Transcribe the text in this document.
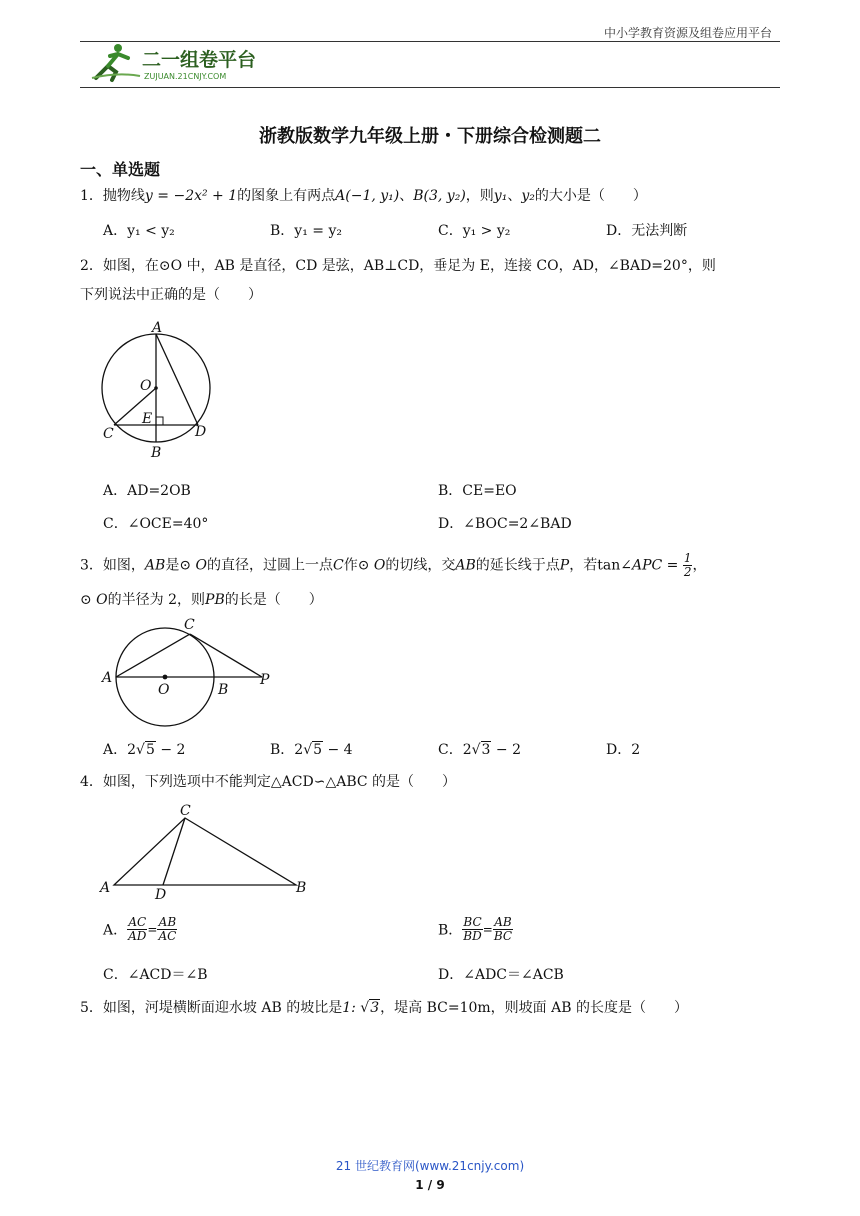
中小学教育资源及组卷应用平台
二一组卷平台
ZUJUAN.21CNJY.COM
浙教版数学九年级上册・下册综合检测题二
一、单选题
1．抛物线y = −2x² + 1的图象上有两点A(−1, y₁)、B(3, y₂)，则y₁、y₂的大小是（　　）
A．y₁ < y₂	B．y₁ = y₂	C．y₁ > y₂	D．无法判断
2．如图，在⊙O 中，AB 是直径，CD 是弦，AB⊥CD，垂足为 E，连接 CO，AD，∠BAD=20°，则
下列说法中正确的是（　　）
A
O
E
C	D
B
A．AD=2OB	B．CE=EO
C．∠OCE=40°	D．∠BOC=2∠BAD
3．如图，AB是⊙ O的直径，过圆上一点C作⊙ O的切线，交AB的延长线于点P，若tan∠APC = $\frac{1}{2}$ ，
⊙ O的半径为 2，则PB的长是（　　）
A
O	B
P
C
A．2√5 − 2	B．2√5 − 4	C．2√3 − 2	D．2
4．如图，下列选项中不能判定△ACD∽△ABC 的是（　　）
C
A	D	B
A． $\frac{AC}{AD} = \frac{AB}{AC}$	B． $\frac{BC}{BD} = \frac{AB}{BC}$
C．∠ACD＝∠B	D．∠ADC＝∠ACB
5．如图，河堤横断面迎水坡 AB 的坡比是1: √3，堤高 BC=10m，则坡面 AB 的长度是（　　）
21 世纪教育网(www.21cnjy.com)
1 / 9
